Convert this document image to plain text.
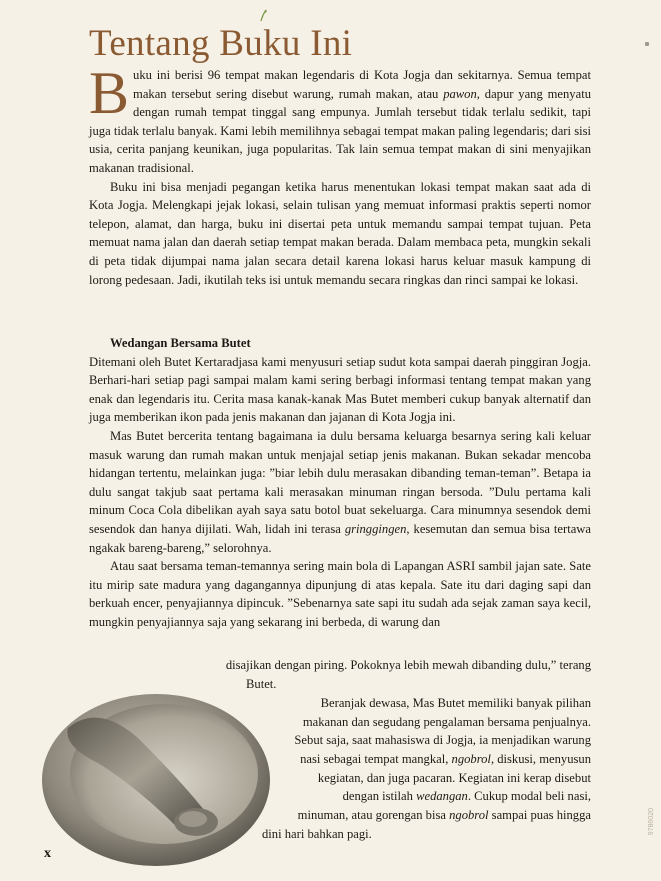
Tentang Buku Ini

Buku ini berisi 96 tempat makan legendaris di Kota Jogja dan sekitarnya. Semua tempat makan tersebut sering disebut warung, rumah makan, atau pawon, dapur yang menyatu dengan rumah tempat tinggal sang empunya. Jumlah tersebut tidak terlalu sedikit, tapi juga tidak terlalu banyak. Kami lebih memilihnya sebagai tempat makan paling legendaris; dari sisi usia, cerita panjang keunikan, juga popularitas. Tak lain semua tempat makan di sini menyajikan makanan tradisional.

Buku ini bisa menjadi pegangan ketika harus menentukan lokasi tempat makan saat ada di Kota Jogja. Melengkapi jejak lokasi, selain tulisan yang memuat informasi praktis seperti nomor telepon, alamat, dan harga, buku ini disertai peta untuk memandu sampai tempat tujuan. Peta memuat nama jalan dan daerah setiap tempat makan berada. Dalam membaca peta, mungkin sekali di peta tidak dijumpai nama jalan secara detail karena lokasi harus keluar masuk kampung di lorong pedesaan. Jadi, ikutilah teks isi untuk memandu secara ringkas dan rinci sampai ke lokasi.

Wedangan Bersama Butet

Ditemani oleh Butet Kertaradjasa kami menyusuri setiap sudut kota sampai daerah pinggiran Jogja. Berhari-hari setiap pagi sampai malam kami sering berbagi informasi tentang tempat makan yang enak dan legendaris itu. Cerita masa kanak-kanak Mas Butet memberi cukup banyak alternatif dan juga memberikan ikon pada jenis makanan dan jajanan di Kota Jogja ini.

Mas Butet bercerita tentang bagaimana ia dulu bersama keluarga besarnya sering kali keluar masuk warung dan rumah makan untuk menjajal setiap jenis makanan. Bukan sekadar mencoba hidangan tertentu, melainkan juga: ”biar lebih dulu merasakan dibanding teman-teman”. Betapa ia dulu sangat takjub saat pertama kali merasakan minuman ringan bersoda. ”Dulu pertama kali minum Coca Cola dibelikan ayah saya satu botol buat sekeluarga. Cara minumnya sesendok demi sesendok dan hanya dijilati. Wah, lidah ini terasa gringgingen, kesemutan dan semua bisa tertawa ngakak bareng-bareng,” selorohnya.

Atau saat bersama teman-temannya sering main bola di Lapangan ASRI sambil jajan sate. Sate itu mirip sate madura yang dagangannya dipunjung di atas kepala. Sate itu dari daging sapi dan berkuah encer, penyajiannya dipincuk. ”Sebenarnya sate sapi itu sudah ada sejak zaman saya kecil, mungkin penyajiannya saja yang sekarang ini berbeda, di warung dan

disajikan dengan piring. Pokoknya lebih mewah dibanding dulu,” terang
Butet.
Beranjak dewasa, Mas Butet memiliki banyak pilihan
makanan dan segudang pengalaman bersama penjualnya.
Sebut saja, saat mahasiswa di Jogja, ia menjadikan warung
nasi sebagai tempat mangkal, ngobrol, diskusi, menyusun
kegiatan, dan juga pacaran. Kegiatan ini kerap disebut
dengan istilah wedangan. Cukup modal beli nasi,
minuman, atau gorengan bisa ngobrol sampai puas hingga
dini hari bahkan pagi.
x
9786020
